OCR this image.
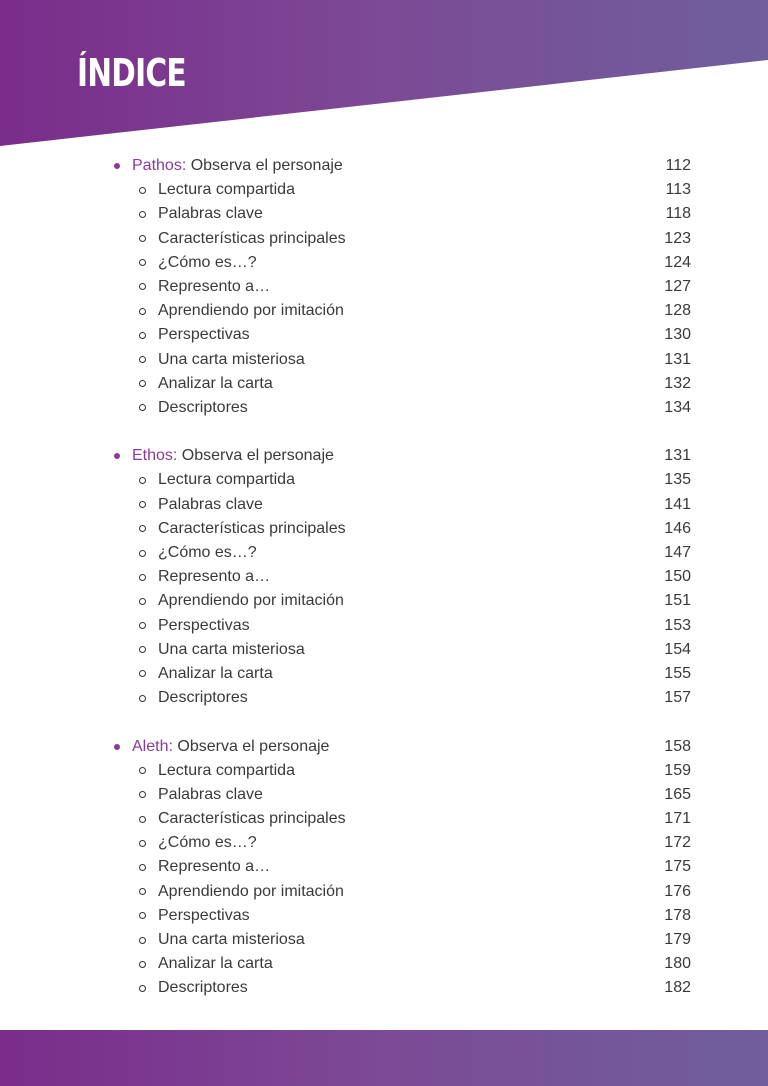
ÍNDICE
Pathos: Observa el personaje	112
Lectura compartida	113
Palabras clave	118
Características principales	123
¿Cómo es…?	124
Represento a…	127
Aprendiendo por imitación	128
Perspectivas	130
Una carta misteriosa	131
Analizar la carta	132
Descriptores	134
Ethos: Observa el personaje	131
Lectura compartida	135
Palabras clave	141
Características principales	146
¿Cómo es…?	147
Represento a…	150
Aprendiendo por imitación	151
Perspectivas	153
Una carta misteriosa	154
Analizar la carta	155
Descriptores	157
Aleth: Observa el personaje	158
Lectura compartida	159
Palabras clave	165
Características principales	171
¿Cómo es…?	172
Represento a…	175
Aprendiendo por imitación	176
Perspectivas	178
Una carta misteriosa	179
Analizar la carta	180
Descriptores	182
